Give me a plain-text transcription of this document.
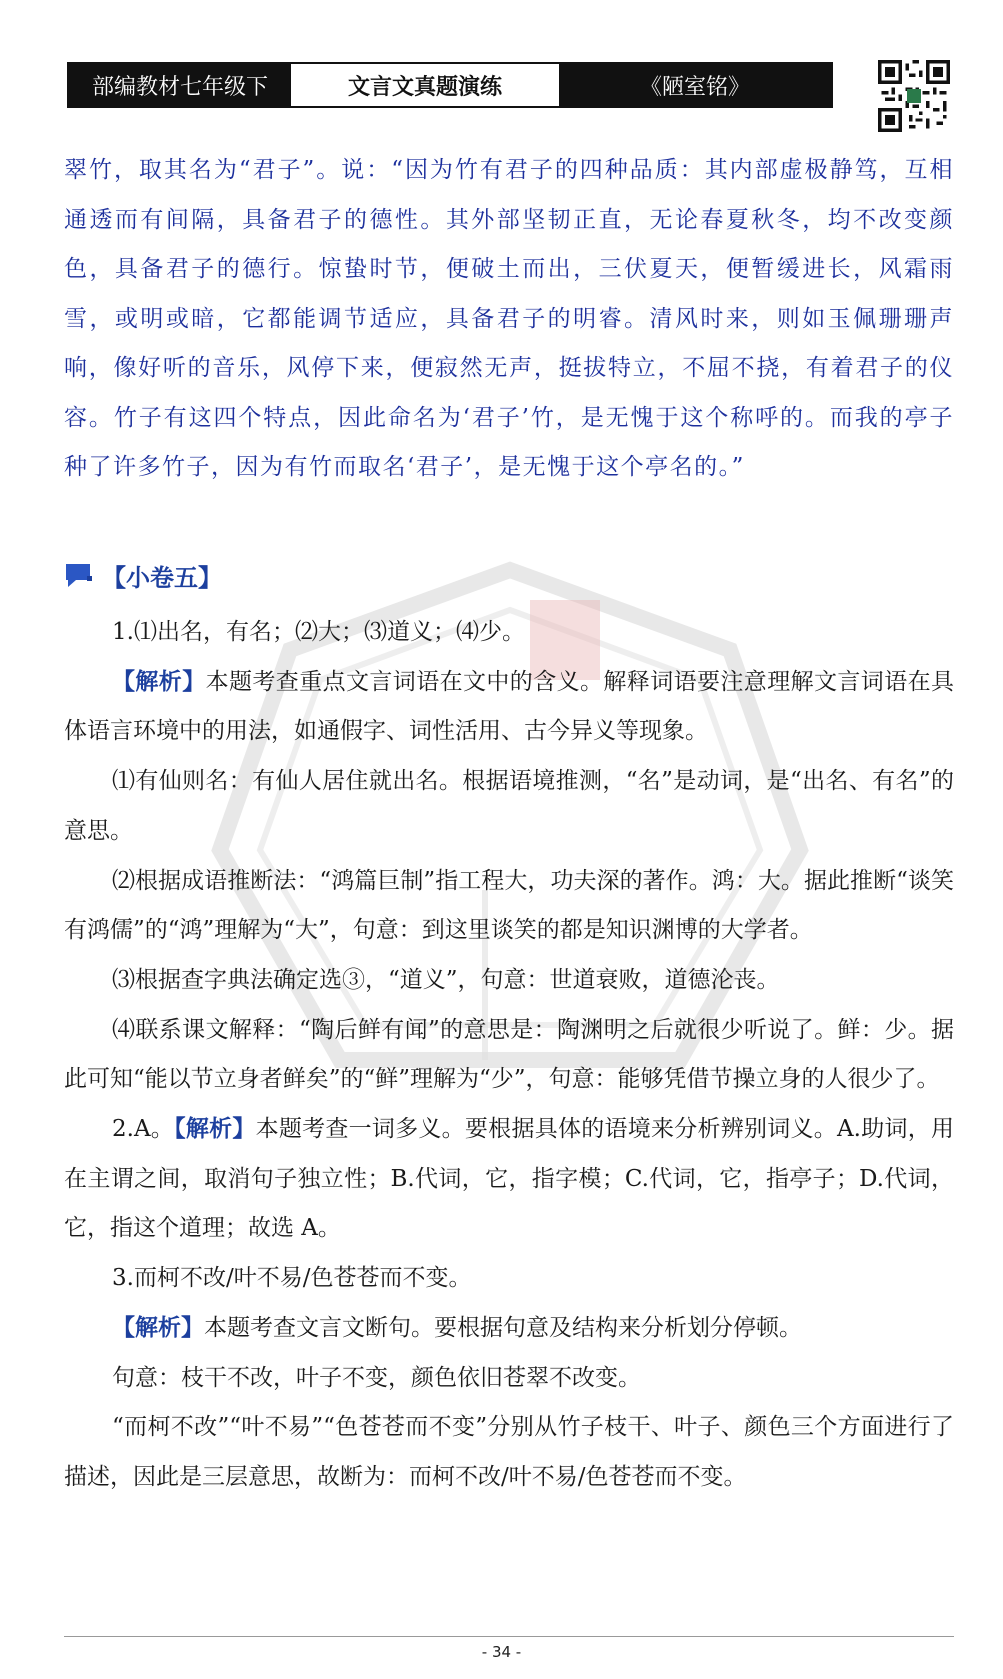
部编教材七年级下	文言文真题演练	《陋室铭》

翠竹，取其名为“君子”。说：“因为竹有君子的四种品质：其内部虚极静笃，互相通透而有间隔，具备君子的德性。其外部坚韧正直，无论春夏秋冬，均不改变颜色，具备君子的德行。惊蛰时节，便破土而出，三伏夏天，便暂缓进长，风霜雨雪，或明或暗，它都能调节适应，具备君子的明睿。清风时来，则如玉佩珊珊声响，像好听的音乐，风停下来，便寂然无声，挺拔特立，不屈不挠，有着君子的仪容。竹子有这四个特点，因此命名为‘君子’竹，是无愧于这个称呼的。而我的亭子种了许多竹子，因为有竹而取名‘君子’，是无愧于这个亭名的。”

【小卷五】

1.⑴出名，有名；⑵大；⑶道义；⑷少。

【解析】本题考查重点文言词语在文中的含义。解释词语要注意理解文言词语在具体语言环境中的用法，如通假字、词性活用、古今异义等现象。

⑴有仙则名：有仙人居住就出名。根据语境推测，“名”是动词，是“出名、有名”的意思。

⑵根据成语推断法：“鸿篇巨制”指工程大，功夫深的著作。鸿：大。据此推断“谈笑有鸿儒”的“鸿”理解为“大”，句意：到这里谈笑的都是知识渊博的大学者。

⑶根据查字典法确定选③，“道义”，句意：世道衰败，道德沦丧。

⑷联系课文解释：“陶后鲜有闻”的意思是：陶渊明之后就很少听说了。鲜：少。据此可知“能以节立身者鲜矣”的“鲜”理解为“少”，句意：能够凭借节操立身的人很少了。

2.A。【解析】本题考查一词多义。要根据具体的语境来分析辨别词义。A.助词，用在主谓之间，取消句子独立性；B.代词，它，指字模；C.代词，它，指亭子；D.代词，它，指这个道理；故选 A。

3.而柯不改/叶不易/色苍苍而不变。

【解析】本题考查文言文断句。要根据句意及结构来分析划分停顿。

句意：枝干不改，叶子不变，颜色依旧苍翠不改变。

“而柯不改”“叶不易”“色苍苍而不变”分别从竹子枝干、叶子、颜色三个方面进行了描述，因此是三层意思，故断为：而柯不改/叶不易/色苍苍而不变。

- 34 -
